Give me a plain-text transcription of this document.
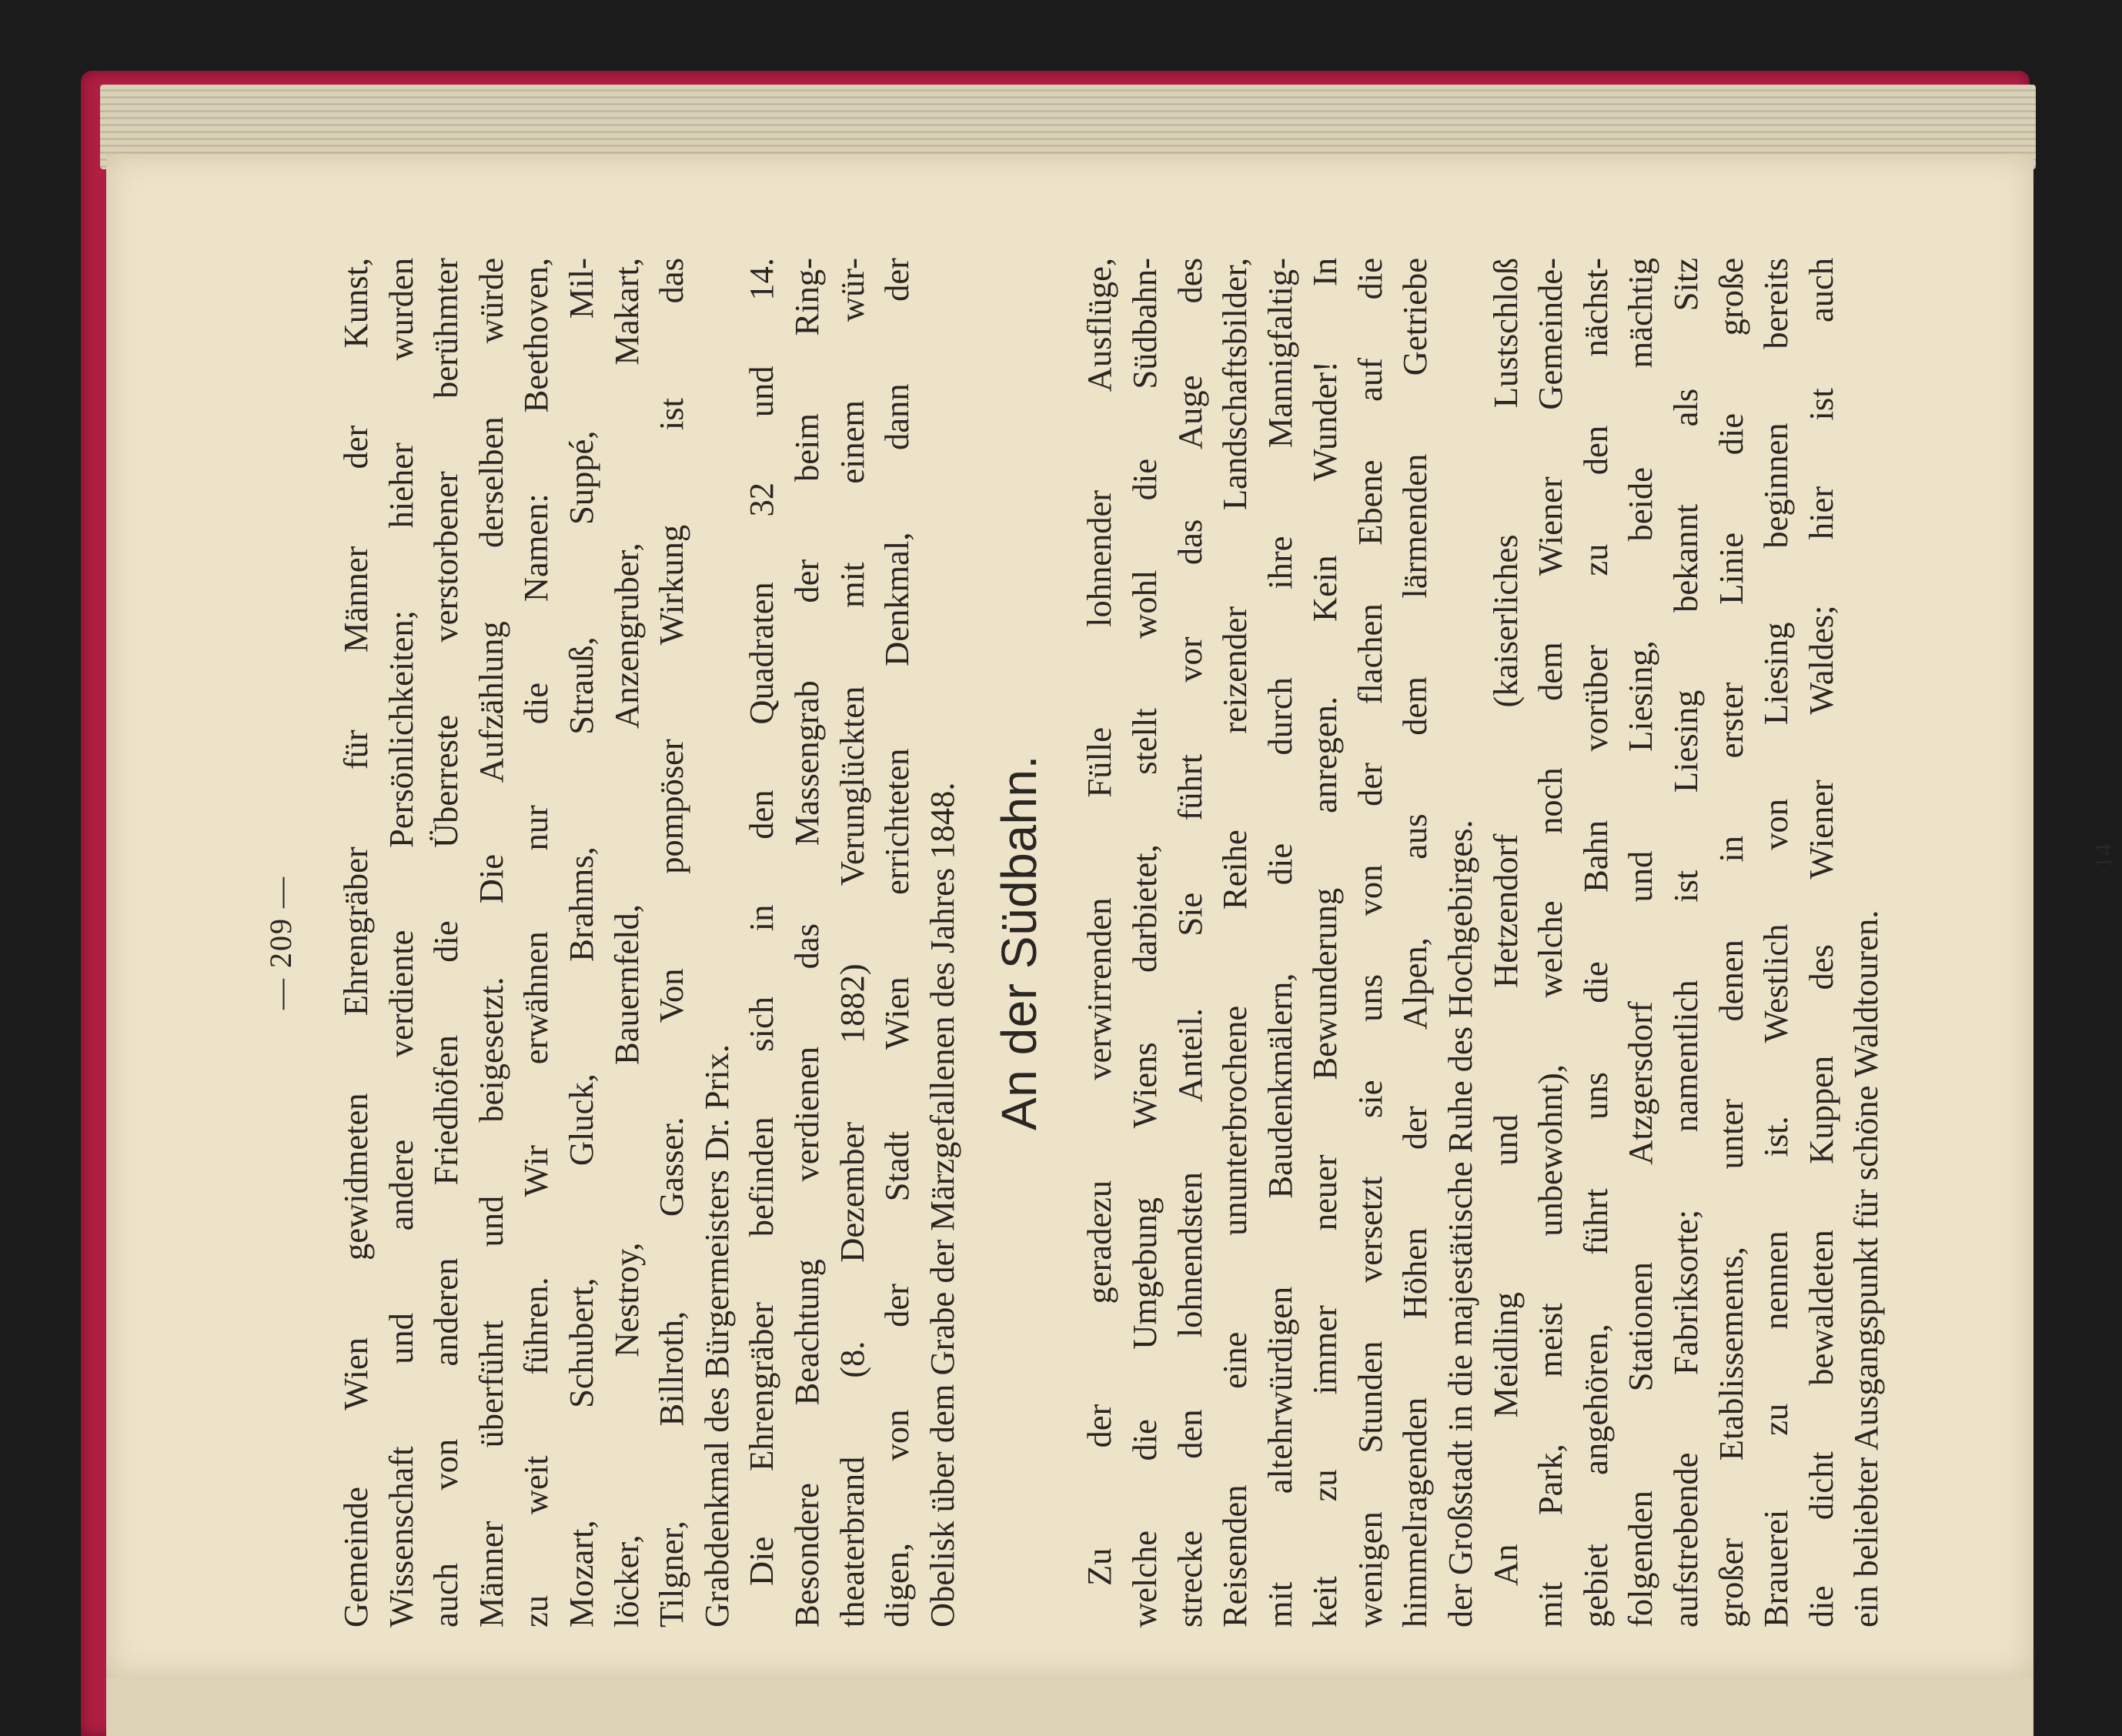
— 209 — Gemeinde Wien gewidmeten Ehrengräber für Männer der Kunst, Wissenschaft und andere verdiente Persönlichkeiten; hieher wurden auch von anderen Friedhöfen die Überreste verstorbener berühmter Männer überführt und beigesetzt. Die Aufzählung derselben würde zu weit führen. Wir erwähnen nur die Namen: Beethoven, Mozart, Schubert, Gluck, Brahms, Strauß, Suppé, Mil- löcker, Nestroy, Bauernfeld, Anzengruber, Makart, Tilgner, Billroth, Gasser. Von pompöser Wirkung ist das Grabdenkmal des Bürgermeisters Dr. Prix. Die Ehrengräber befinden sich in den Quadraten 32 und 14. Besondere Beachtung verdienen das Massengrab der beim Ring- theaterbrand (8. Dezember 1882) Verunglückten mit einem wür- digen, von der Stadt Wien errichteten Denkmal, dann der Obelisk über dem Grabe der Märzgefallenen des Jahres 1848. An der Südbahn. Zu der geradezu verwirrenden Fülle lohnender Ausflüge, welche die Umgebung Wiens darbietet, stellt wohl die Südbahn- strecke den lohnendsten Anteil. Sie führt vor das Auge des Reisenden eine ununterbrochene Reihe reizender Landschaftsbilder, mit altehrwürdigen Baudenkmälern, die durch ihre Mannigfaltig- keit zu immer neuer Bewunderung anregen. Kein Wunder! In wenigen Stunden versetzt sie uns von der flachen Ebene auf die himmelragenden Höhen der Alpen, aus dem lärmenden Getriebe der Großstadt in die majestätische Ruhe des Hochgebirges. An Meidling und Hetzendorf (kaiserliches Lustschloß mit Park, meist unbewohnt), welche noch dem Wiener Gemeinde- gebiet angehören, führt uns die Bahn vorüber zu den nächst- folgenden Stationen Atzgersdorf und Liesing, beide mächtig aufstrebende Fabriksorte; namentlich ist Liesing bekannt als Sitz großer Etablissements, unter denen in erster Linie die große Brauerei zu nennen ist. Westlich von Liesing beginnen bereits die dicht bewaldeten Kuppen des Wiener Waldes; hier ist auch ein beliebter Ausgangspunkt für schöne Waldtouren.
14
